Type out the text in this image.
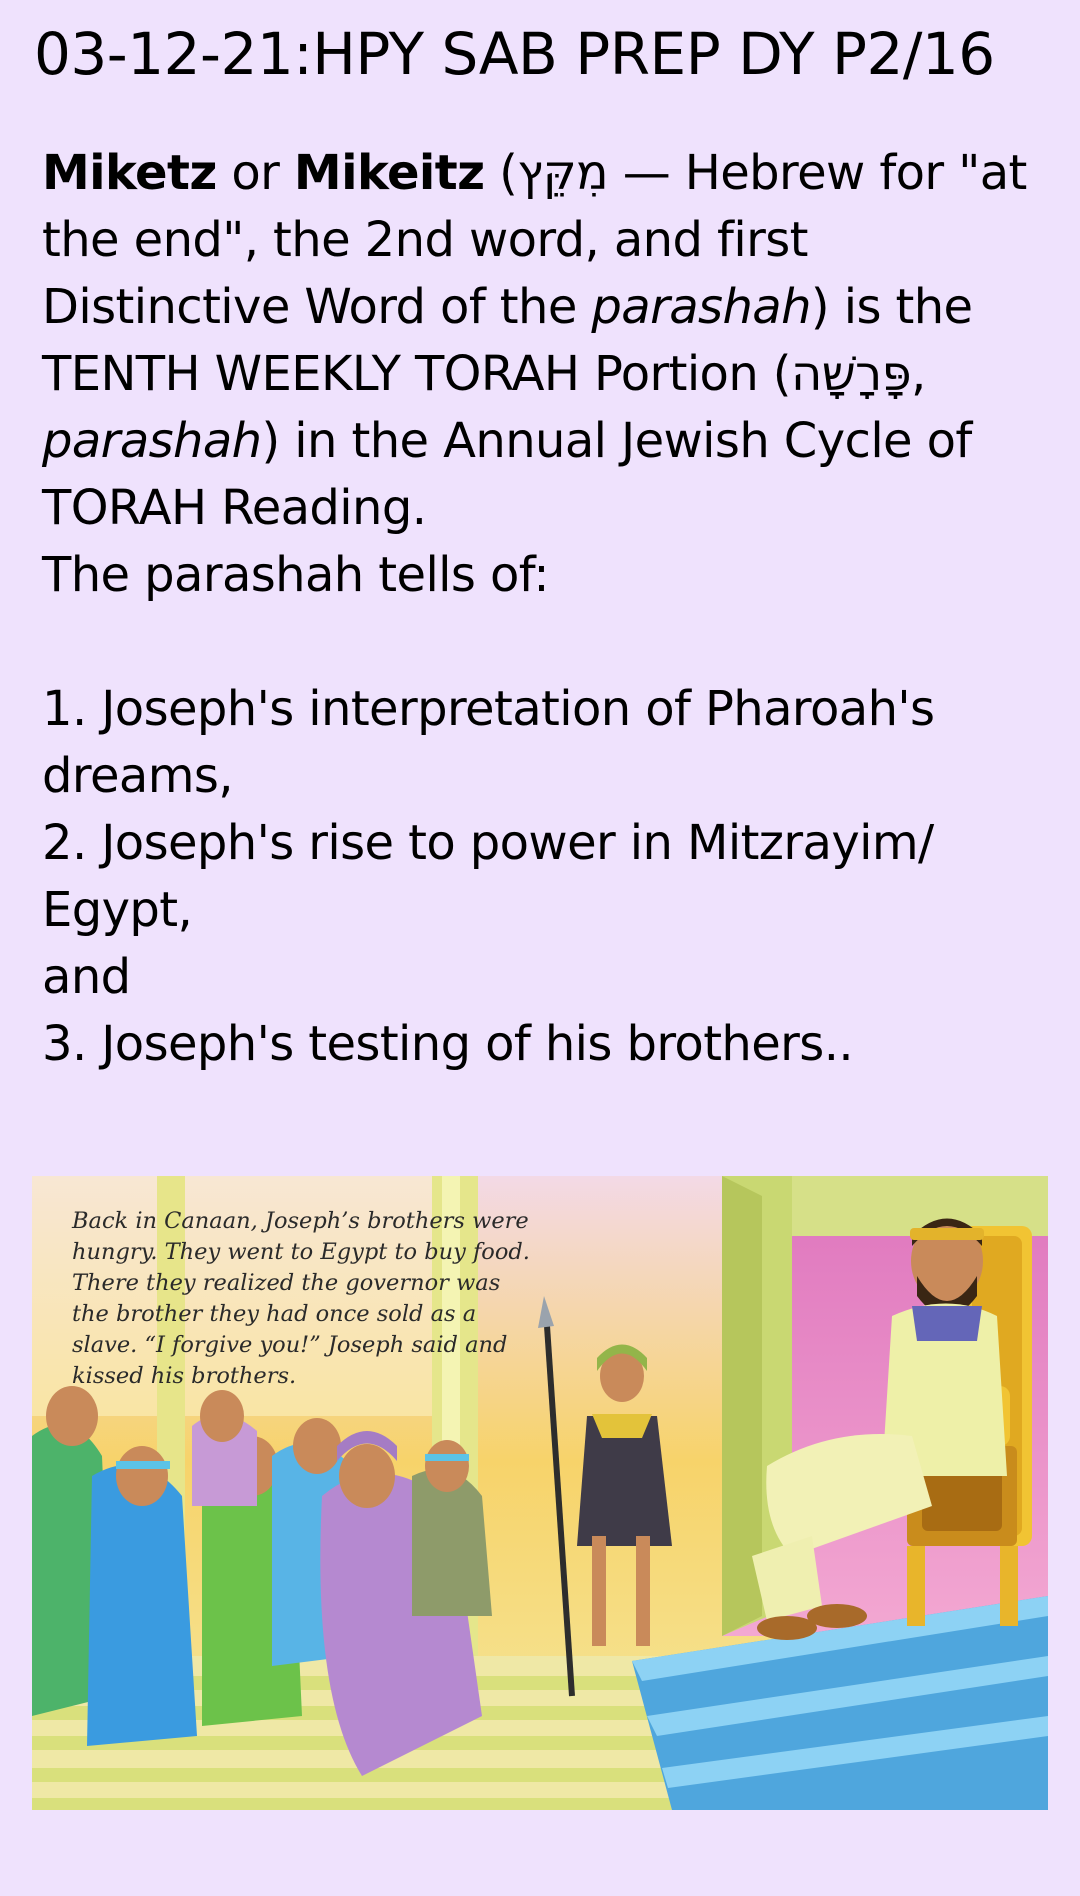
03-12-21:HPY SAB PREP DY P2/16

Miketz or Mikeitz (מִקֵּץ — Hebrew for "at the end", the 2nd word, and first Distinctive Word of the parashah) is the TENTH WEEKLY TORAH Portion (פָּרָשָׁה, parashah) in the Annual Jewish Cycle of TORAH Reading.

The parashah tells of:

1. Joseph's interpretation of Pharoah's dreams,

2. Joseph's rise to power in Mitzrayim/ Egypt,

and

3. Joseph's testing of his brothers..

Back in Canaan, Joseph’s brothers were hungry. They went to Egypt to buy food. There they realized the governor was the brother they had once sold as a slave. “I forgive you!” Joseph said and kissed his brothers.
